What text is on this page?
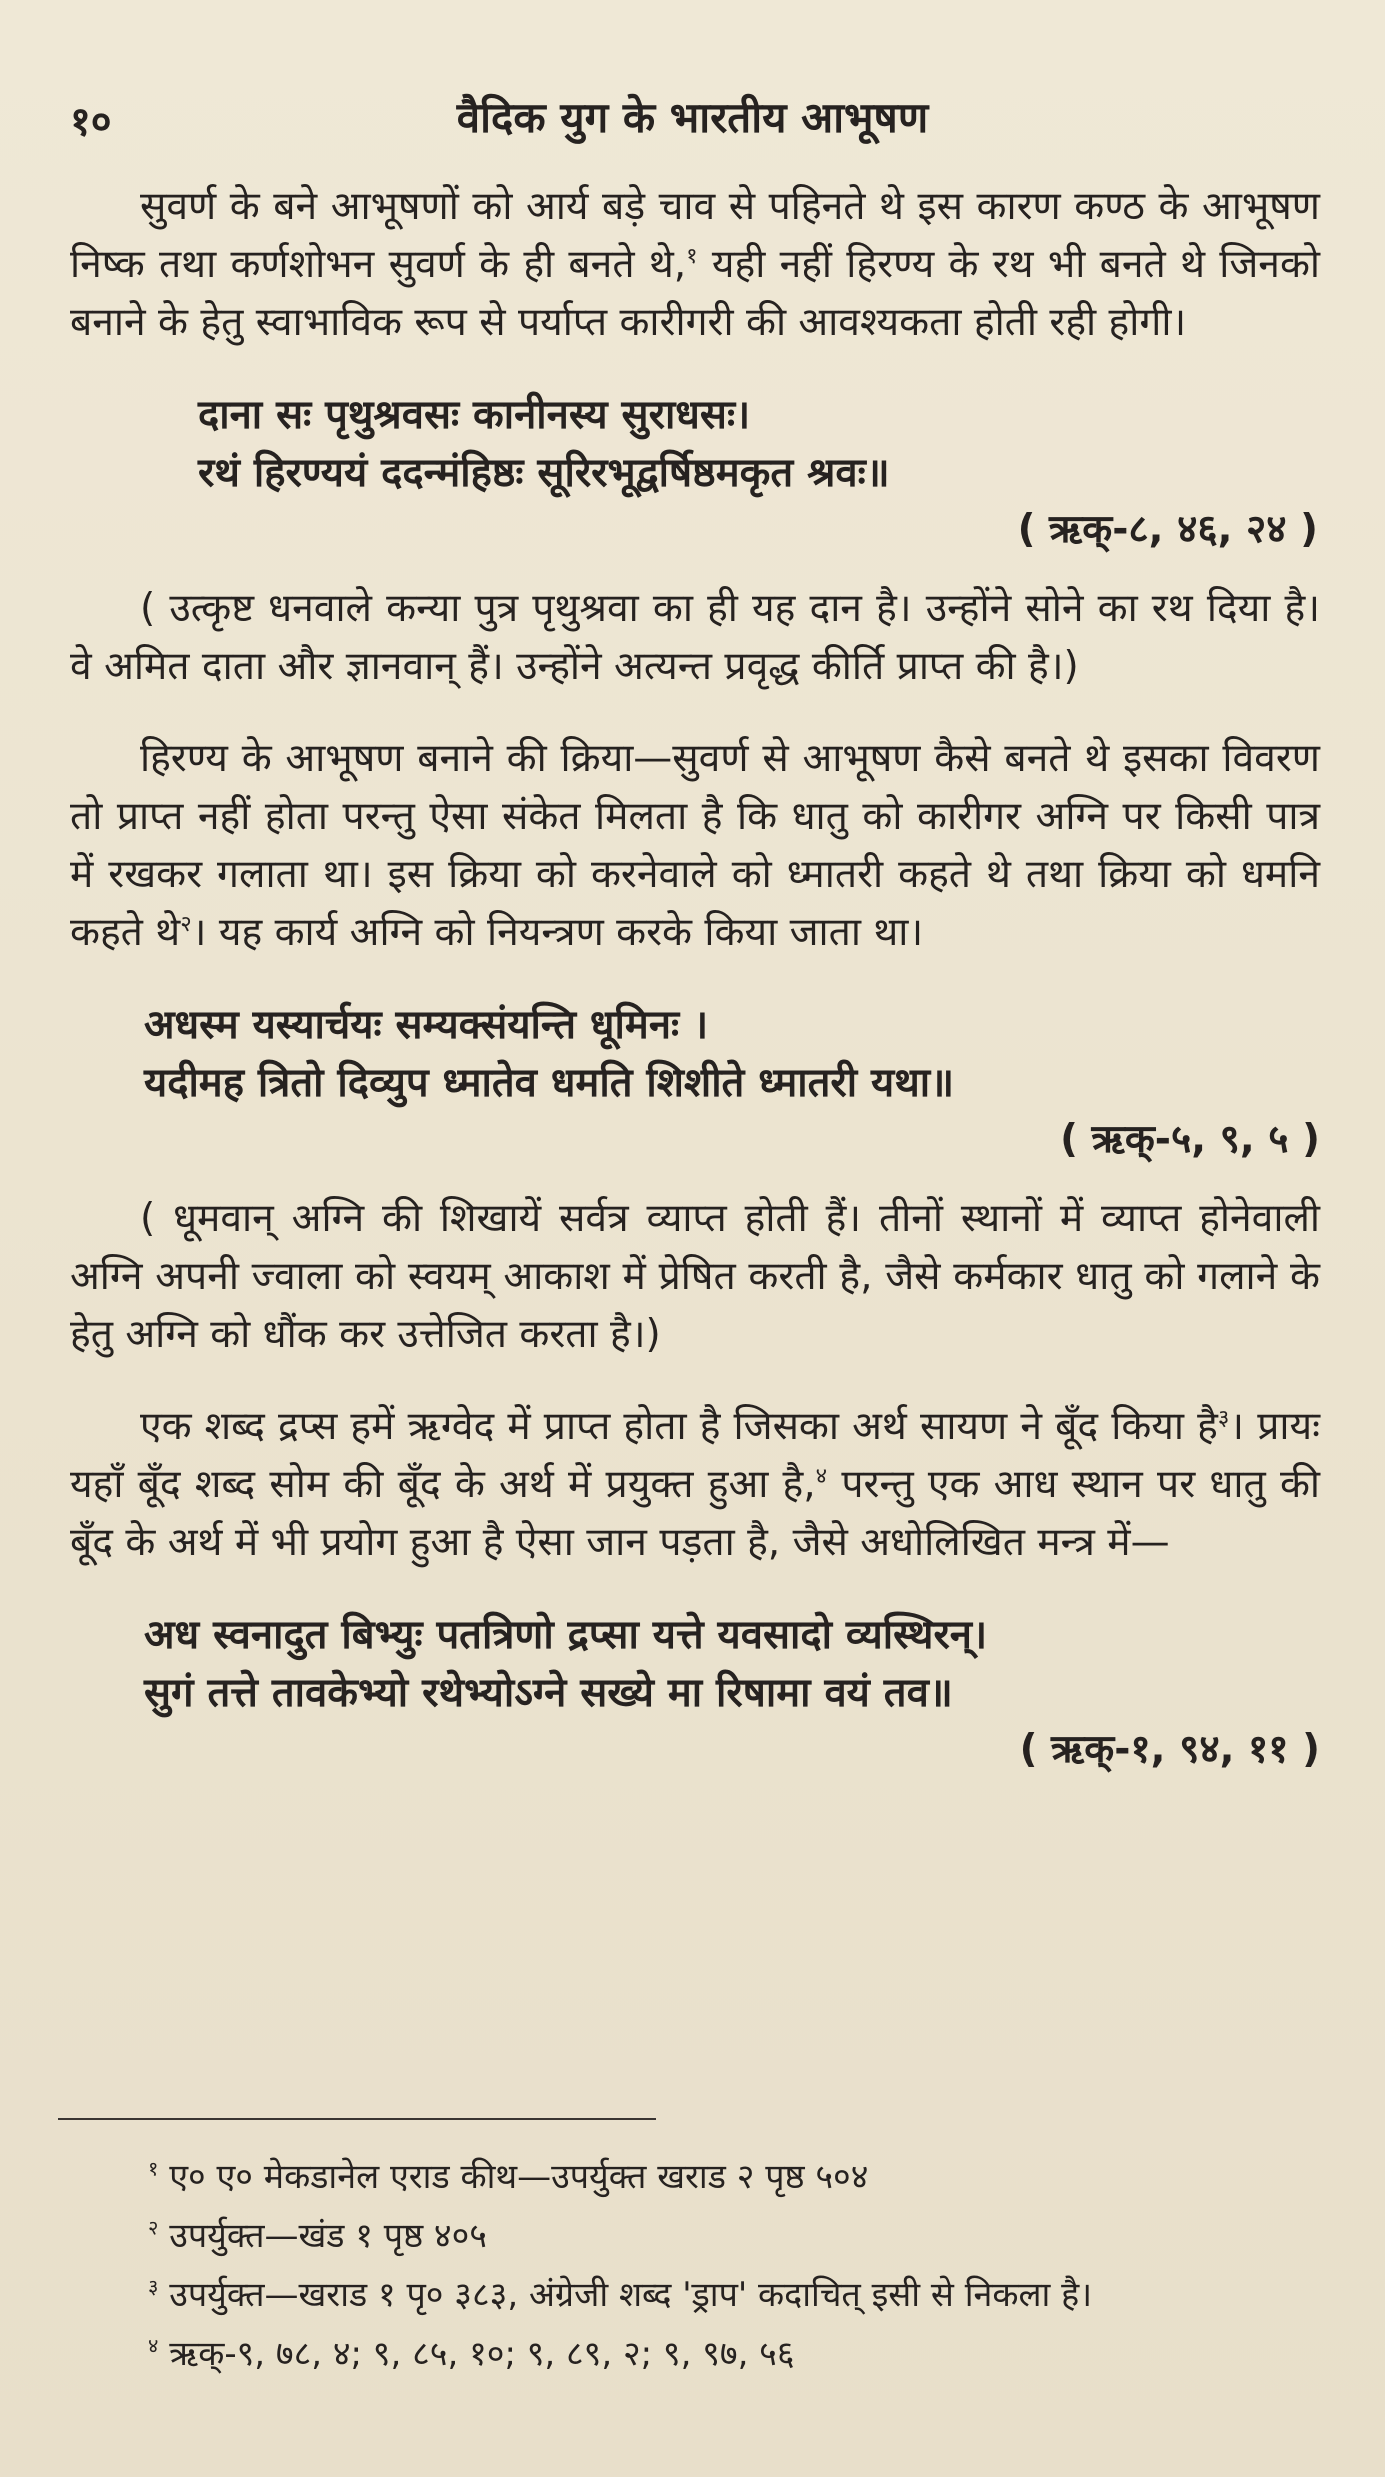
१०	वैदिक युग के भारतीय आभूषण

सुवर्ण के बने आभूषणों को आर्य बड़े चाव से पहिनते थे इस कारण कण्ठ के आभूषण निष्क तथा कर्णशोभन सुवर्ण के ही बनते थे,$^१$ यही नहीं हिरण्य के रथ भी बनते थे जिनको बनाने के हेतु स्वाभाविक रूप से पर्याप्त कारीगरी की आवश्यकता होती रही होगी।

दाना सः पृथुश्रवसः कानीनस्य सुराधसः।
रथं हिरण्ययं ददन्मंहिष्ठः सूरिरभूद्वर्षिष्ठमकृत श्रवः॥
( ऋक्-८, ४६, २४ )

( उत्कृष्ट धनवाले कन्या पुत्र पृथुश्रवा का ही यह दान है। उन्होंने सोने का रथ दिया है। वे अमित दाता और ज्ञानवान् हैं। उन्होंने अत्यन्त प्रवृद्ध कीर्ति प्राप्त की है।)

हिरण्य के आभूषण बनाने की क्रिया—सुवर्ण से आभूषण कैसे बनते थे इसका विवरण तो प्राप्त नहीं होता परन्तु ऐसा संकेत मिलता है कि धातु को कारीगर अग्नि पर किसी पात्र में रखकर गलाता था। इस क्रिया को करनेवाले को ध्मातरी कहते थे तथा क्रिया को धमनि कहते थे$^२$। यह कार्य अग्नि को नियन्त्रण करके किया जाता था।

अधस्म यस्यार्चयः सम्यक्संयन्ति धूमिनः ।
यदीमह त्रितो दिव्युप ध्मातेव धमति शिशीते ध्मातरी यथा॥
( ऋक्-५, ९, ५ )

( धूमवान् अग्नि की शिखायें सर्वत्र व्याप्त होती हैं। तीनों स्थानों में व्याप्त होनेवाली अग्नि अपनी ज्वाला को स्वयम् आकाश में प्रेषित करती है, जैसे कर्मकार धातु को गलाने के हेतु अग्नि को धौंक कर उत्तेजित करता है।)

एक शब्द द्रप्स हमें ऋग्वेद में प्राप्त होता है जिसका अर्थ सायण ने बूँद किया है$^३$। प्रायः यहाँ बूँद शब्द सोम की बूँद के अर्थ में प्रयुक्त हुआ है,$^४$ परन्तु एक आध स्थान पर धातु की बूँद के अर्थ में भी प्रयोग हुआ है ऐसा जान पड़ता है, जैसे अधोलिखित मन्त्र में—

अध स्वनादुत बिभ्युः पतत्रिणो द्रप्सा यत्ते यवसादो व्यस्थिरन्।
सुगं तत्ते तावकेभ्यो रथेभ्योऽग्ने सख्ये मा रिषामा वयं तव॥
( ऋक्-१, ९४, ११ )
$^१$ ए० ए० मेकडानेल एराड कीथ—उपर्युक्त खराड २ पृष्ठ ५०४
$^२$ उपर्युक्त—खंड १ पृष्ठ ४०५
$^३$ उपर्युक्त—खराड १ पृ० ३८३, अंग्रेजी शब्द 'ड्राप' कदाचित् इसी से निकला है।
$^४$ ऋक्-९, ७८, ४; ९, ८५, १०; ९, ८९, २; ९, ९७, ५६
